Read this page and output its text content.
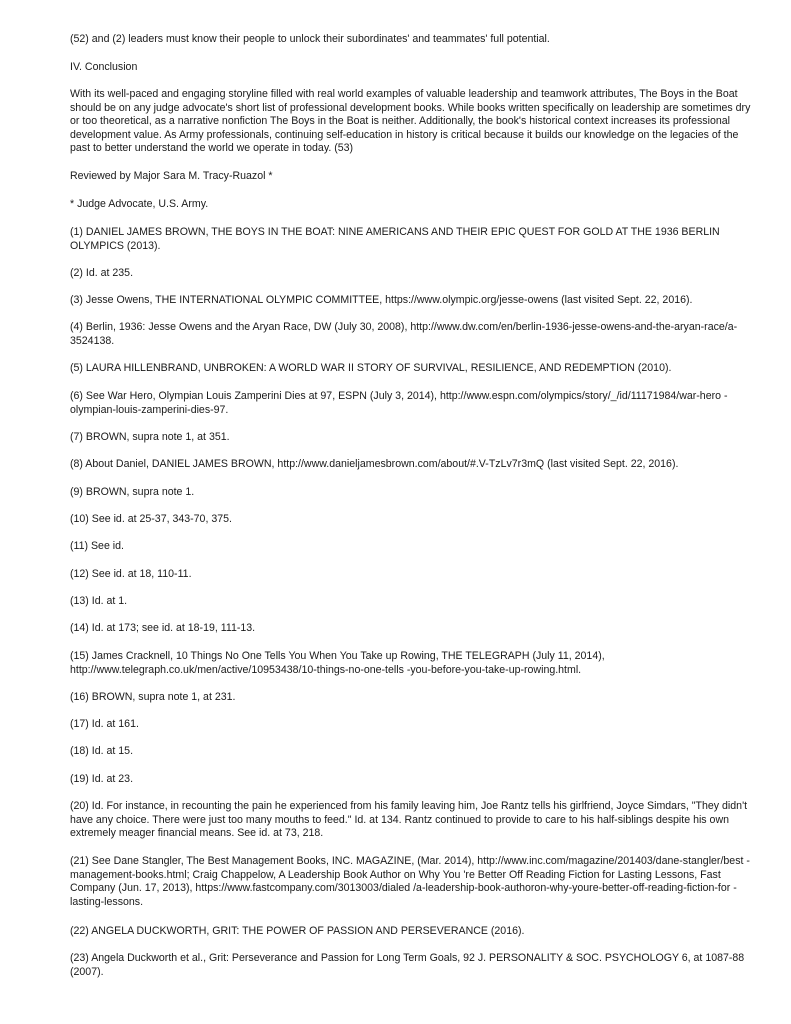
(52) and (2) leaders must know their people to unlock their subordinates' and teammates' full potential.

IV. Conclusion

With its well-paced and engaging storyline filled with real world examples of valuable leadership and teamwork attributes, The Boys in the Boat should be on any judge advocate's short list of professional development books. While books written specifically on leadership are sometimes dry or too theoretical, as a narrative nonfiction The Boys in the Boat is neither. Additionally, the book's historical context increases its professional development value. As Army professionals, continuing self-education in history is critical because it builds our knowledge on the legacies of the past to better understand the world we operate in today. (53)

Reviewed by Major Sara M. Tracy-Ruazol *

* Judge Advocate, U.S. Army.

(1) DANIEL JAMES BROWN, THE BOYS IN THE BOAT: NINE AMERICANS AND THEIR EPIC QUEST FOR GOLD AT THE 1936 BERLIN OLYMPICS (2013).

(2) Id. at 235.

(3) Jesse Owens, THE INTERNATIONAL OLYMPIC COMMITTEE, https://www.olympic.org/jesse-owens (last visited Sept. 22, 2016).

(4) Berlin, 1936: Jesse Owens and the Aryan Race, DW (July 30, 2008), http://www.dw.com/en/berlin-1936-jesse-owens-and-the-aryan-race/a-3524138.

(5) LAURA HILLENBRAND, UNBROKEN: A WORLD WAR II STORY OF SURVIVAL, RESILIENCE, AND REDEMPTION (2010).

(6) See War Hero, Olympian Louis Zamperini Dies at 97, ESPN (July 3, 2014), http://www.espn.com/olympics/story/_/id/11171984/war-hero -olympian-louis-zamperini-dies-97.

(7) BROWN, supra note 1, at 351.

(8) About Daniel, DANIEL JAMES BROWN, http://www.danieljamesbrown.com/about/#.V-TzLv7r3mQ (last visited Sept. 22, 2016).

(9) BROWN, supra note 1.

(10) See id. at 25-37, 343-70, 375.

(11) See id.

(12) See id. at 18, 110-11.

(13) Id. at 1.

(14) Id. at 173; see id. at 18-19, 111-13.

(15) James Cracknell, 10 Things No One Tells You When You Take up Rowing, THE TELEGRAPH (July 11, 2014), http://www.telegraph.co.uk/men/active/10953438/10-things-no-one-tells -you-before-you-take-up-rowing.html.

(16) BROWN, supra note 1, at 231.

(17) Id. at 161.

(18) Id. at 15.

(19) Id. at 23.

(20) Id. For instance, in recounting the pain he experienced from his family leaving him, Joe Rantz tells his girlfriend, Joyce Simdars, "They didn't have any choice. There were just too many mouths to feed." Id. at 134. Rantz continued to provide to care to his half-siblings despite his own extremely meager financial means. See id. at 73, 218.

(21) See Dane Stangler, The Best Management Books, INC. MAGAZINE, (Mar. 2014), http://www.inc.com/magazine/201403/dane-stangler/best -management-books.html; Craig Chappelow, A Leadership Book Author on Why You 're Better Off Reading Fiction for Lasting Lessons, Fast Company (Jun. 17, 2013), https://www.fastcompany.com/3013003/dialed /a-leadership-book-authoron-why-youre-better-off-reading-fiction-for -lasting-lessons.

(22) ANGELA DUCKWORTH, GRIT: THE POWER OF PASSION AND PERSEVERANCE (2016).

(23) Angela Duckworth et al., Grit: Perseverance and Passion for Long Term Goals, 92 J. PERSONALITY & SOC. PSYCHOLOGY 6, at 1087-88 (2007).
